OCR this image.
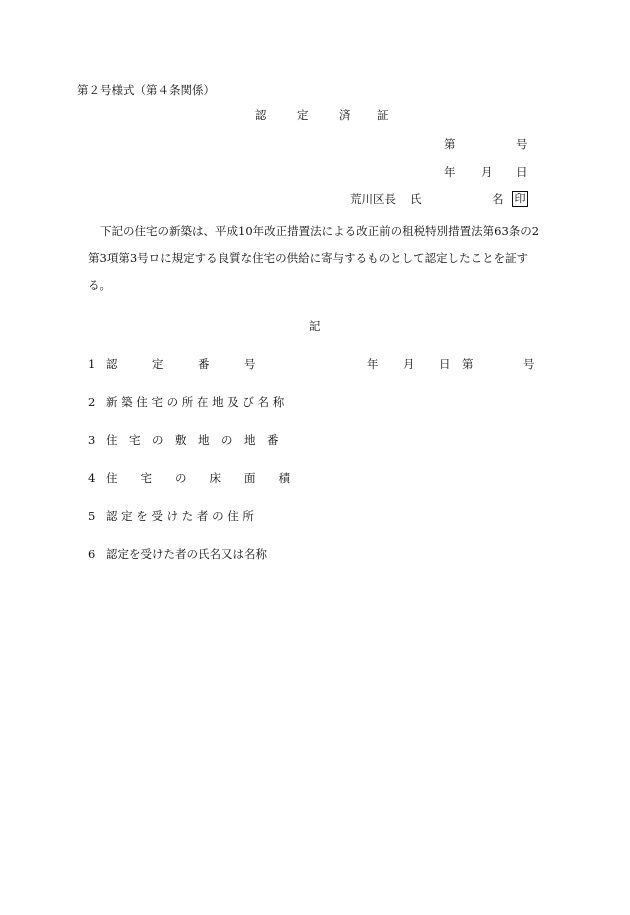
第２号様式（第４条関係）
認	定	済 証
第	号
年 月 日
荒川区長 氏	名 印
下記の住宅の新築は、平成10年改正措置法による改正前の租税特別措置法第63条の2
第3項第3号ロに規定する良質な住宅の供給に寄与するものとして認定したことを証す
る。
記
1 認　　　定　　　番　　　号	年 月 日 第	号
2 新 築 住 宅 の 所 在 地 及 び 名 称
3 住　宅　の　敷　地　の　地　番
4 住　　宅　　の　　床　　面　　積
5 認 定 を 受 け た 者 の 住 所
6 認定を受けた者の氏名又は名称
